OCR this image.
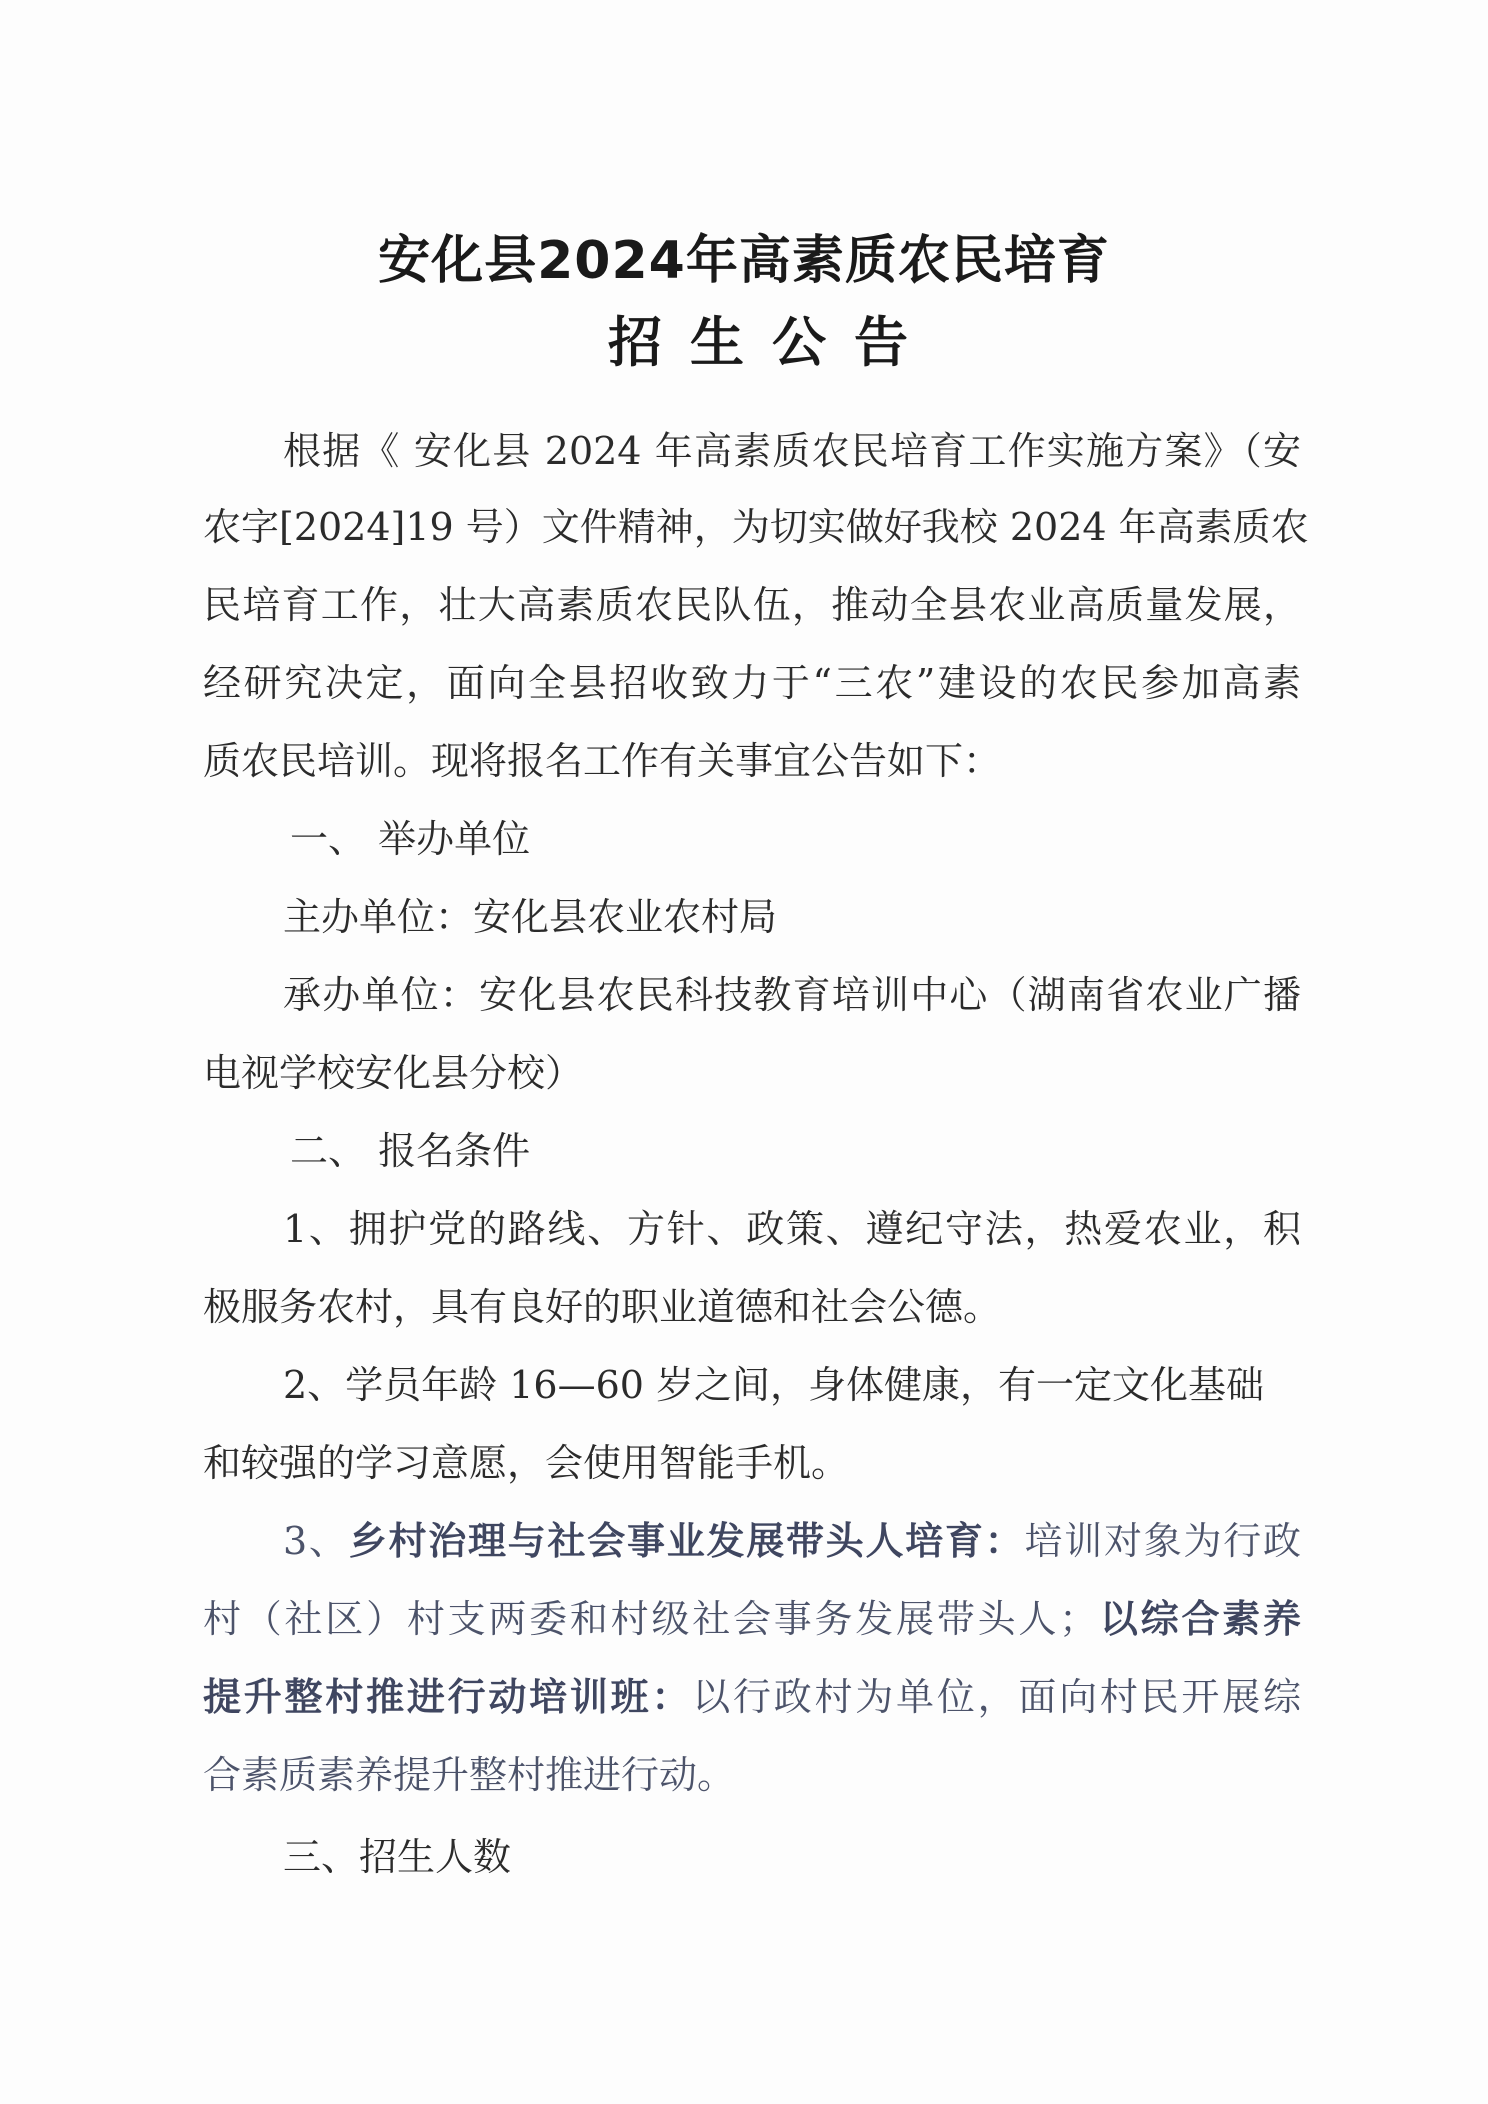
安化县2024年高素质农民培育
招生公告
根据《 安化县 2024 年高素质农民培育工作实施方案》（安
农字[2024]19 号）文件精神，为切实做好我校 2024 年高素质农
民培育工作，壮大高素质农民队伍，推动全县农业高质量发展，
经研究决定，面向全县招收致力于“三农”建设的农民参加高素
质农民培训。现将报名工作有关事宜公告如下：
一、 举办单位
主办单位：安化县农业农村局
承办单位：安化县农民科技教育培训中心（湖南省农业广播
电视学校安化县分校）
二、 报名条件
1、拥护党的路线、方针、政策、遵纪守法，热爱农业，积
极服务农村，具有良好的职业道德和社会公德。
2、学员年龄 16—60 岁之间，身体健康，有一定文化基础
和较强的学习意愿，会使用智能手机。
3、乡村治理与社会事业发展带头人培育：培训对象为行政
村（社区）村支两委和村级社会事务发展带头人；以综合素养
提升整村推进行动培训班：以行政村为单位，面向村民开展综
合素质素养提升整村推进行动。
三、招生人数
